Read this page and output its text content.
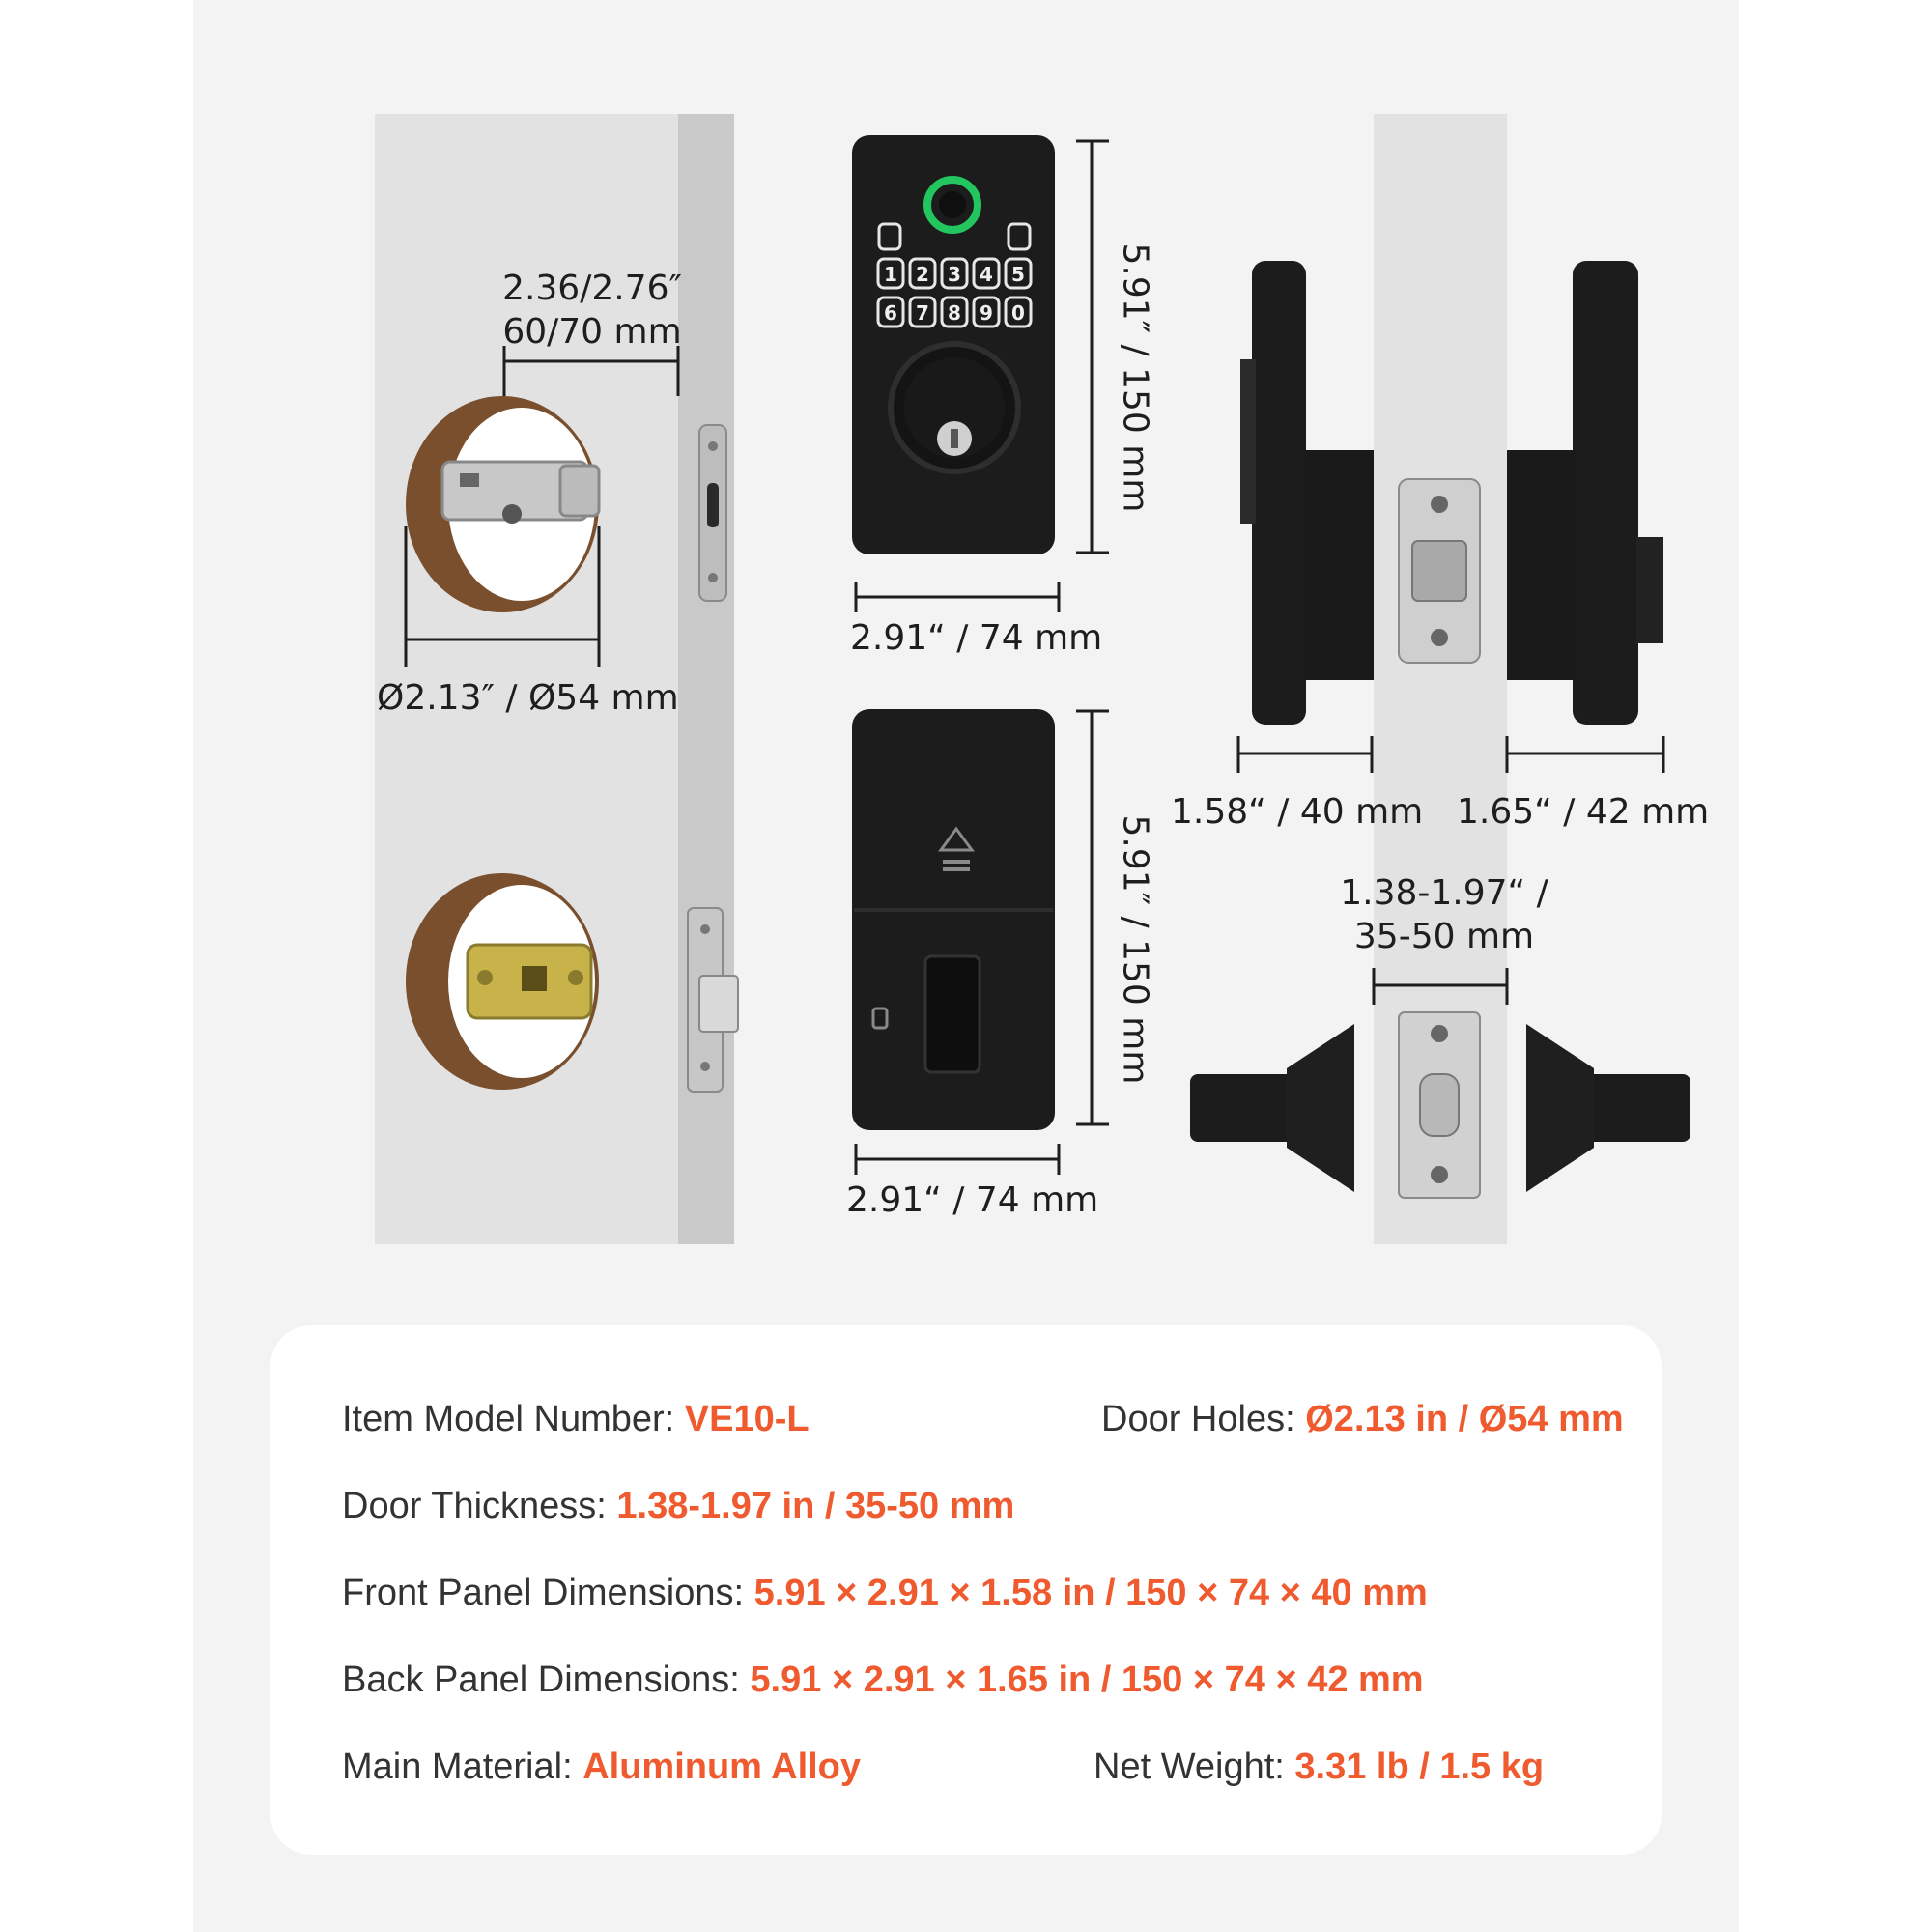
1 2 3 4 5
6 7 8 9 0
2.36/2.76″
60/70 mm
Ø2.13″ / Ø54 mm
5.91″ / 150 mm
2.91“ / 74 mm
5.91″ / 150 mm
2.91“ / 74 mm
1.58“ / 40 mm 1.65“ / 42 mm
1.38-1.97“ /
35-50 mm
Item Model Number: VE10-L	Door Holes: Ø2.13 in / Ø54 mm
Door Thickness: 1.38-1.97 in / 35-50 mm
Front Panel Dimensions: 5.91 × 2.91 × 1.58 in / 150 × 74 × 40 mm
Back Panel Dimensions: 5.91 × 2.91 × 1.65 in / 150 × 74 × 42 mm
Main Material: Aluminum Alloy	Net Weight: 3.31 lb / 1.5 kg
